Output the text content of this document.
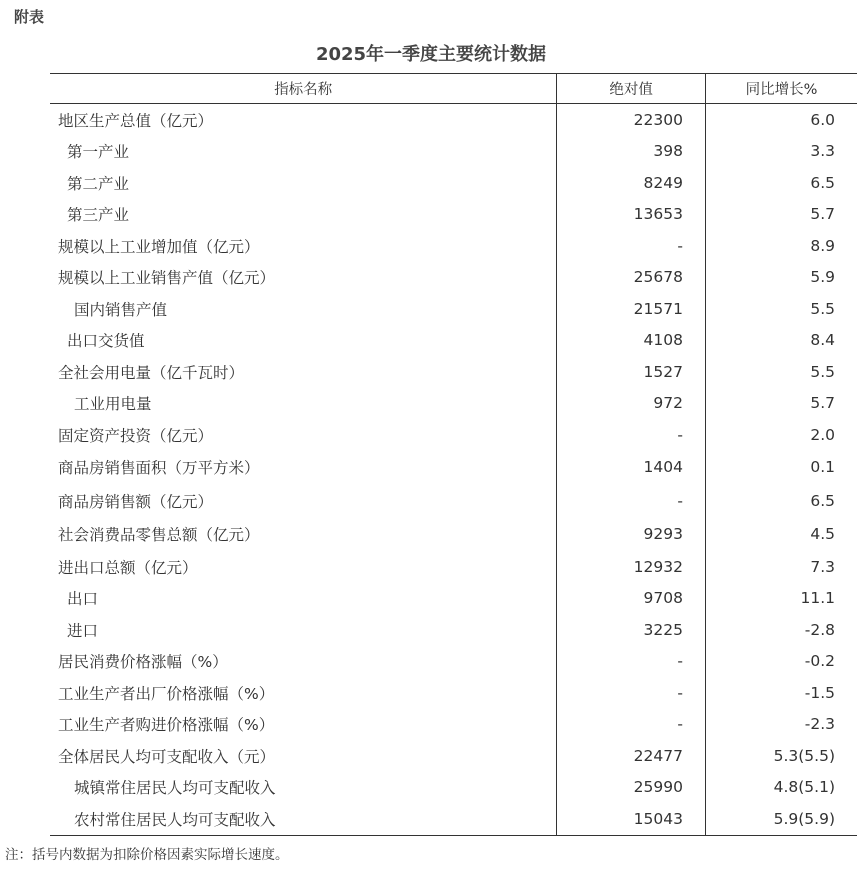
附表
2025年一季度主要统计数据
指标名称	绝对值	同比增长%
地区生产总值（亿元）	22300	6.0
第一产业	398	3.3
第二产业	8249	6.5
第三产业	13653	5.7
规模以上工业增加值（亿元）	-	8.9
规模以上工业销售产值（亿元）	25678	5.9
国内销售产值	21571	5.5
出口交货值	4108	8.4
全社会用电量（亿千瓦时）	1527	5.5
工业用电量	972	5.7
固定资产投资（亿元）	-	2.0
商品房销售面积（万平方米）	1404	0.1
商品房销售额（亿元）	-	6.5
社会消费品零售总额（亿元）	9293	4.5
进出口总额（亿元）	12932	7.3
出口	9708	11.1
进口	3225	-2.8
居民消费价格涨幅（%）	-	-0.2
工业生产者出厂价格涨幅（%）	-	-1.5
工业生产者购进价格涨幅（%）	-	-2.3
全体居民人均可支配收入（元）	22477	5.3(5.5)
城镇常住居民人均可支配收入	25990	4.8(5.1)
农村常住居民人均可支配收入	15043	5.9(5.9)
注：括号内数据为扣除价格因素实际增长速度。
